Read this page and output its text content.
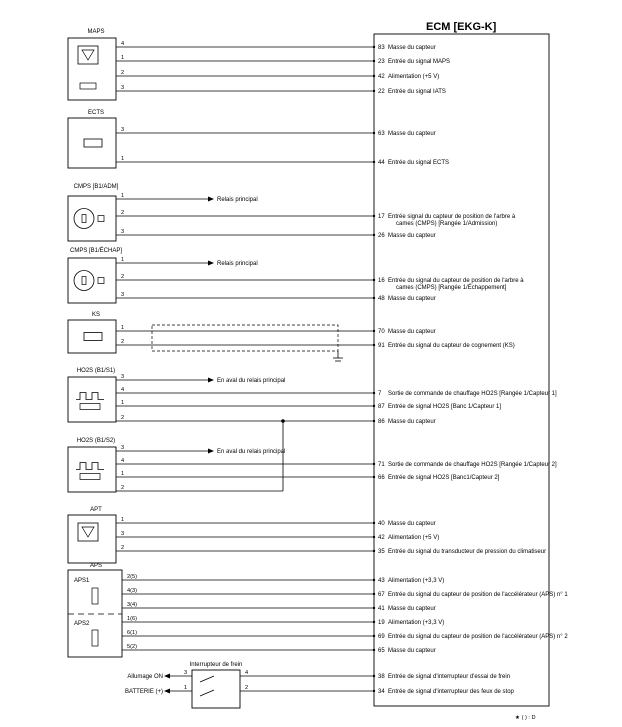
MAPS
4
83 Masse du capteur
1
23 Entrée du signal MAPS
2
42 Alimentation (+5 V)
3
22 Entrée du signal IATS
ECTS
3
63 Masse du capteur
1
44 Entrée du signal ECTS
CMPS [B1/ADM]
1
Relais principal
2
17 Entrée signal du capteur de position de l'arbre à
cames (CMPS) [Rangée 1/Admission)
3
26 Masse du capteur
CMPS [B1/ÉCHAP]
1
Relais principal
2
16 Entrée du signal du capteur de position de l'arbre à
cames (CMPS) [Rangée 1/Échappement]
3
48 Masse du capteur
KS
1
70 Masse du capteur
2
91 Entrée du signal du capteur de cognement (KS)
HO2S (B1/S1)
3
En aval du relais principal
4
7 Sortie de commande de chauffage HO2S [Rangée 1/Capteur 1]
1
87 Entrée de signal HO2S [Banc 1/Capteur 1]
2
86 Masse du capteur
HO2S (B1/S2)
3
En aval du relais principal
4
71 Sortie de commande de chauffage HO2S [Rangée 1/Capteur 2]
1
66 Entrée de signal HO2S [Banc1/Capteur 2]
2
APT
1
40 Masse du capteur
3
42 Alimentation (+5 V)
2
35 Entrée du signal du transducteur de pression du climatiseur
APS
APS1
APS2
2(5)
43 Alimentation (+3,3 V)
4(3)
67 Entrée du signal du capteur de position de l'accélérateur (APS) n° 1
3(4)
41 Masse du capteur
1(6)
19 Alimentation (+3,3 V)
6(1)
69 Entrée du signal du capteur de position de l'accélérateur (APS) n° 2
5(2)
65 Masse du capteur
Interrupteur de frein
4
38 Entrée de signal d'interrupteur d'essai de frein
2
34 Entrée de signal d'interrupteur des feux de stop
3
Allumage ON
1
BATTERIE (+)
ECM [EKG-K]
★ ( ) : D
